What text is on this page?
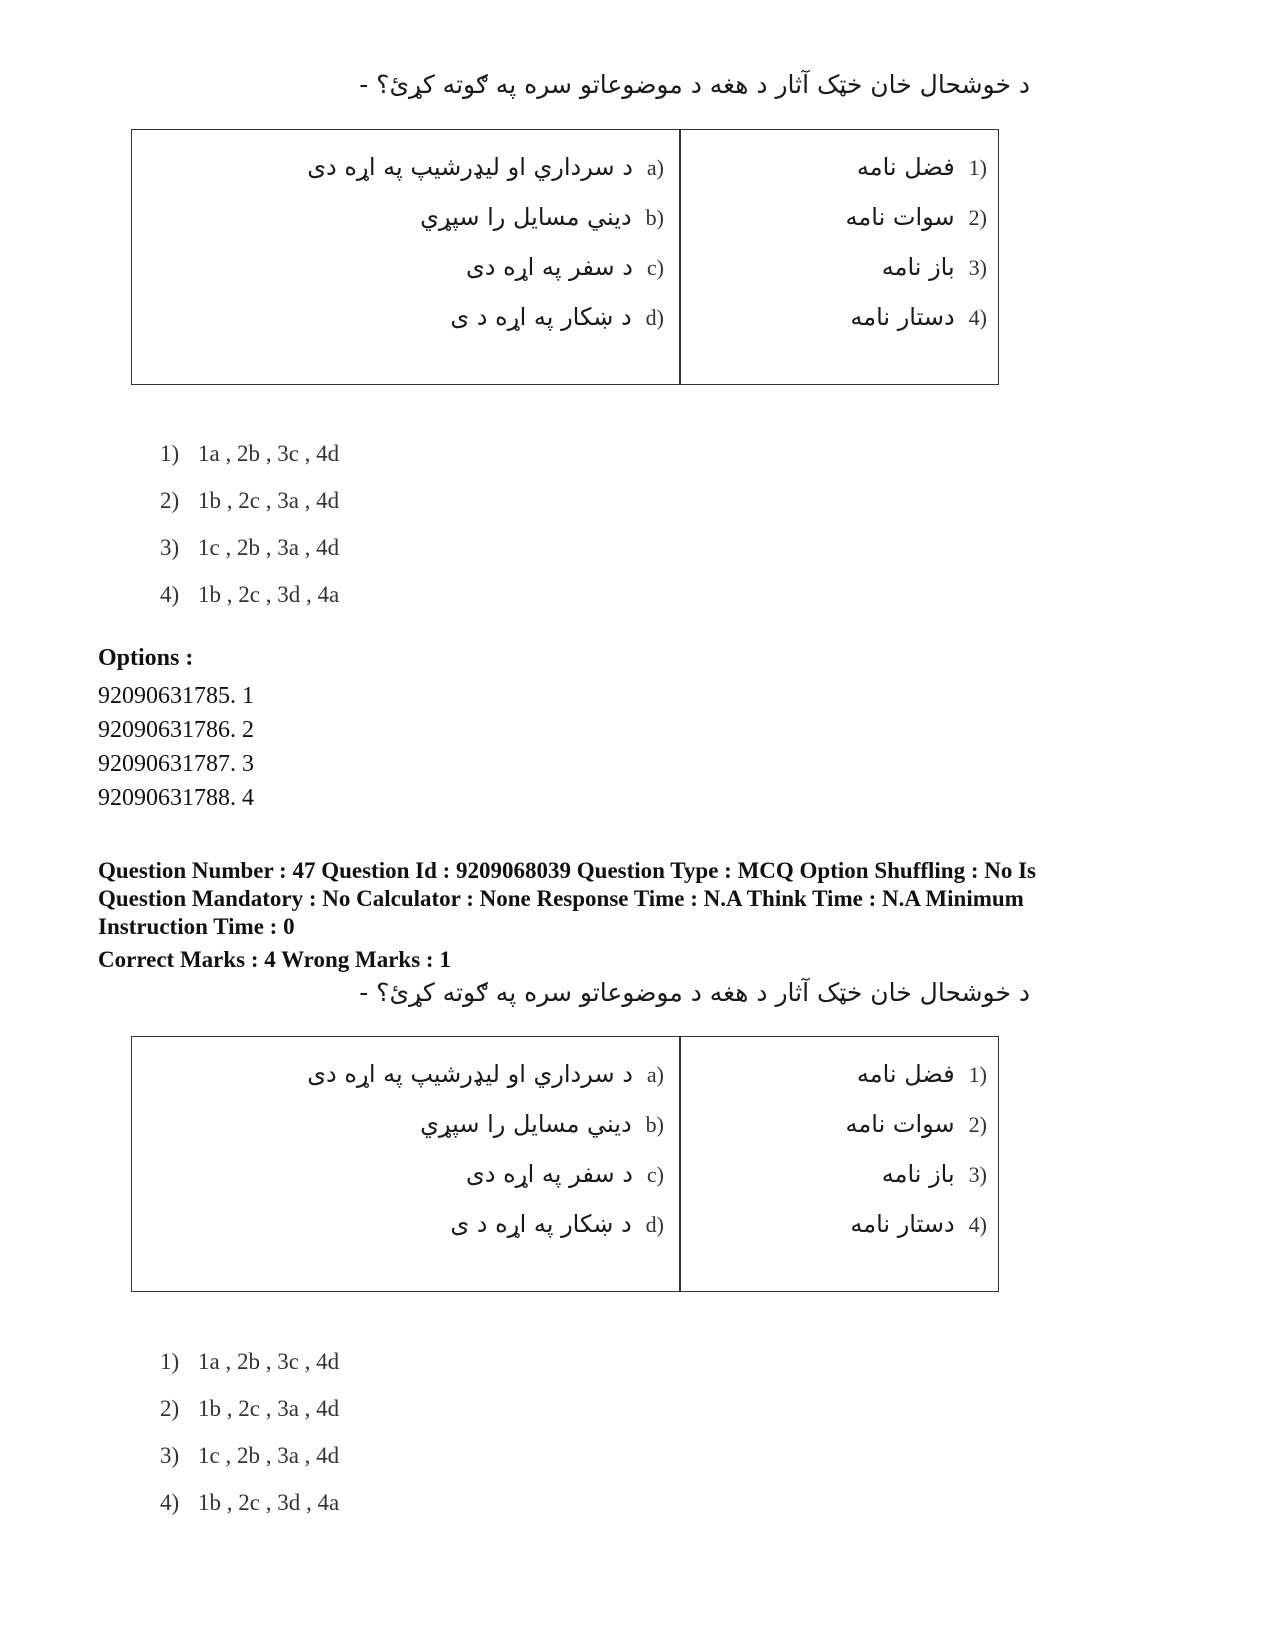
د خوشحال خان خټک آثار د هغه د موضوعاتو سره په ګوته کړئ؟ -
a)د سرداري او ليډرشيپ په اړه دی
b)ديني مسايل را سپړي
c)د سفر په اړه دی
d)د ښکار په اړه د ی
1)فضل نامه
2)سوات نامه
3)باز نامه
4)دستار نامه
1) 1a , 2b , 3c , 4d
2) 1b , 2c , 3a , 4d
3) 1c , 2b , 3a , 4d
4) 1b , 2c , 3d , 4a
Options :
92090631785. 1
92090631786. 2
92090631787. 3
92090631788. 4
Question Number : 47 Question Id : 9209068039 Question Type : MCQ Option Shuffling : No Is
Question Mandatory : No Calculator : None Response Time : N.A Think Time : N.A Minimum
Instruction Time : 0
Correct Marks : 4 Wrong Marks : 1
د خوشحال خان خټک آثار د هغه د موضوعاتو سره په ګوته کړئ؟ -
a)د سرداري او ليډرشيپ په اړه دی
b)ديني مسايل را سپړي
c)د سفر په اړه دی
d)د ښکار په اړه د ی
1)فضل نامه
2)سوات نامه
3)باز نامه
4)دستار نامه
1) 1a , 2b , 3c , 4d
2) 1b , 2c , 3a , 4d
3) 1c , 2b , 3a , 4d
4) 1b , 2c , 3d , 4a
